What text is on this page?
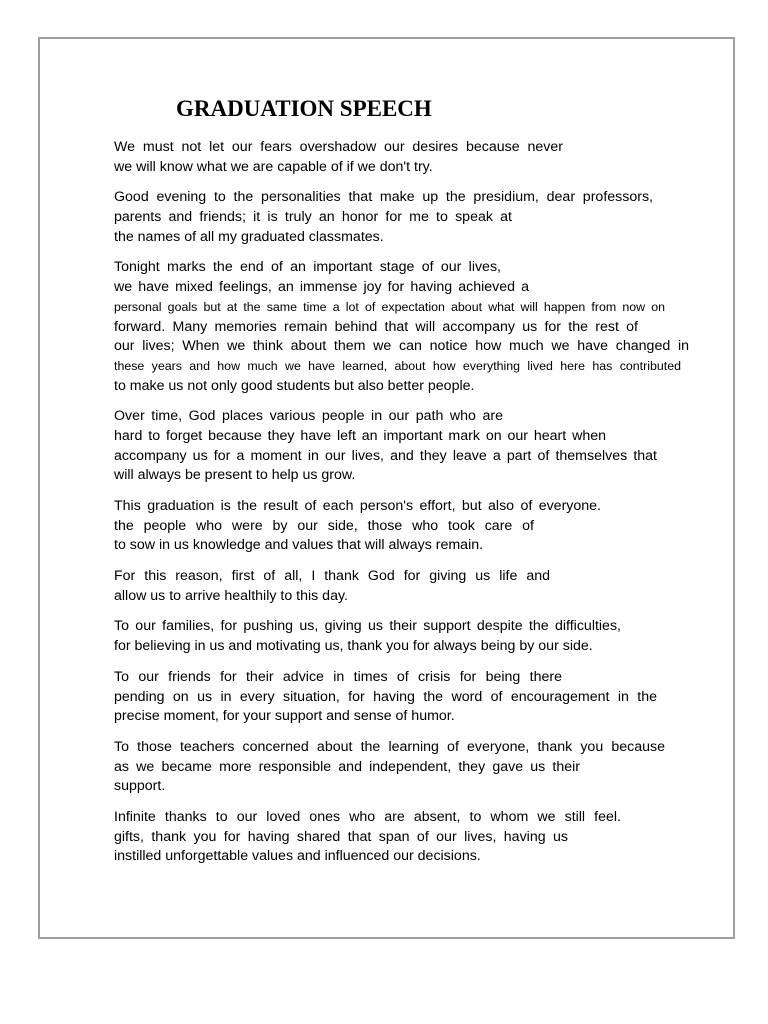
GRADUATION SPEECH

We must not let our fears overshadow our desires because never
we will know what we are capable of if we don't try.

Good evening to the personalities that make up the presidium, dear professors,
parents and friends; it is truly an honor for me to speak at
the names of all my graduated classmates.

Tonight marks the end of an important stage of our lives,
we have mixed feelings, an immense joy for having achieved a
personal goals but at the same time a lot of expectation about what will happen from now on
forward. Many memories remain behind that will accompany us for the rest of
our lives; When we think about them we can notice how much we have changed in
these years and how much we have learned, about how everything lived here has contributed
to make us not only good students but also better people.

Over time, God places various people in our path who are
hard to forget because they have left an important mark on our heart when
accompany us for a moment in our lives, and they leave a part of themselves that
will always be present to help us grow.

This graduation is the result of each person's effort, but also of everyone.
the people who were by our side, those who took care of
to sow in us knowledge and values that will always remain.

For this reason, first of all, I thank God for giving us life and
allow us to arrive healthily to this day.

To our families, for pushing us, giving us their support despite the difficulties,
for believing in us and motivating us, thank you for always being by our side.

To our friends for their advice in times of crisis for being there
pending on us in every situation, for having the word of encouragement in the
precise moment, for your support and sense of humor.

To those teachers concerned about the learning of everyone, thank you because
as we became more responsible and independent, they gave us their
support.

Infinite thanks to our loved ones who are absent, to whom we still feel.
gifts, thank you for having shared that span of our lives, having us
instilled unforgettable values and influenced our decisions.
